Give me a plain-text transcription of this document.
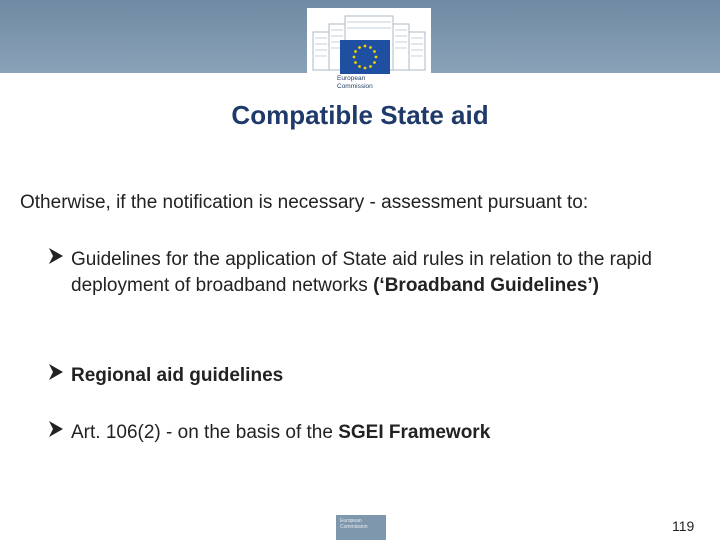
European
Commission
Compatible State aid
Otherwise, if the notification is necessary - assessment pursuant to:
Guidelines for the application of State aid rules in relation to the rapid deployment of broadband networks (‘Broadband Guidelines’)
Regional aid guidelines
Art. 106(2) - on the basis of the SGEI Framework
European Commission	119
